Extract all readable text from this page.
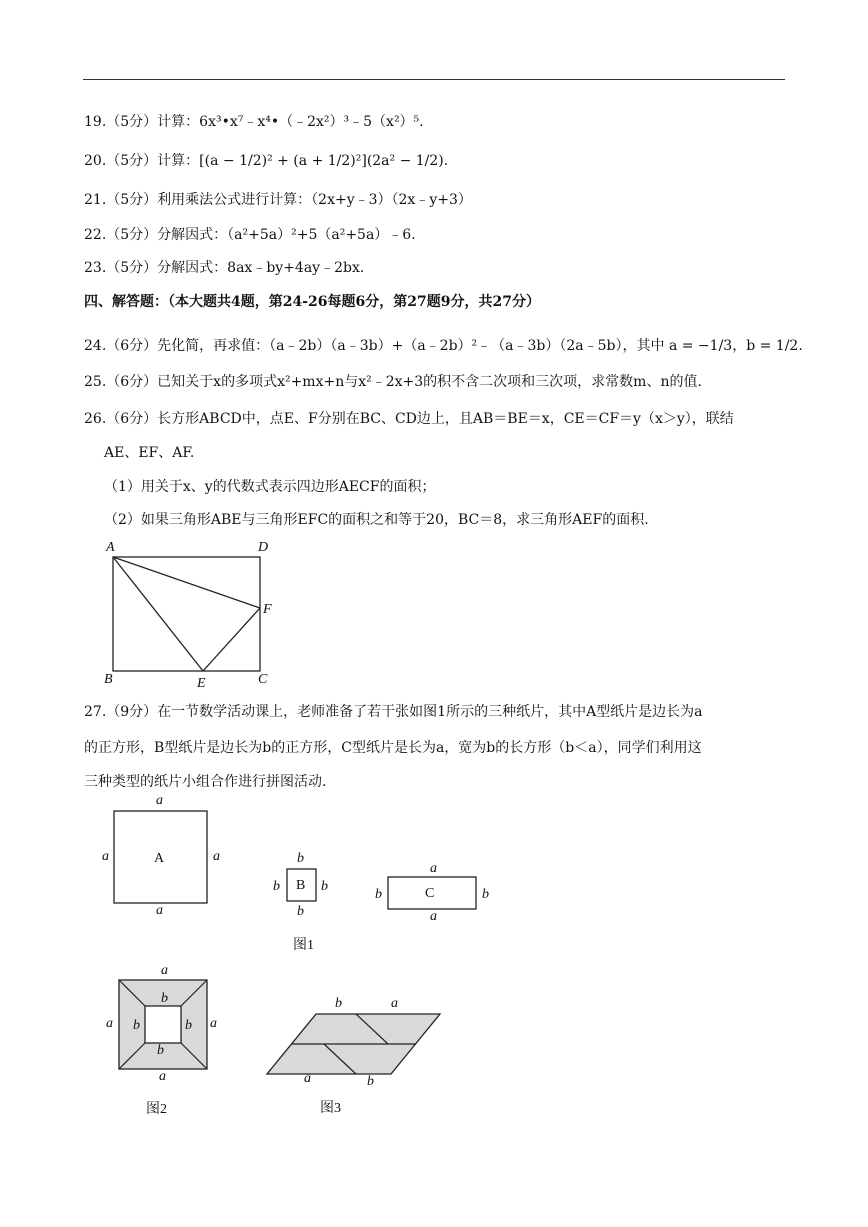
19.（5分）计算：6x³•x⁷﹣x⁴•（﹣2x²）³﹣5（x²）⁵.
20.（5分）计算：[(a − 1/2)² + (a + 1/2)²](2a² − 1/2).
21.（5分）利用乘法公式进行计算：（2x+y﹣3）（2x﹣y+3）
22.（5分）分解因式：（a²+5a）²+5（a²+5a）﹣6.
23.（5分）分解因式：8ax﹣by+4ay﹣2bx.
四、解答题：（本大题共4题，第24-26每题6分，第27题9分，共27分）
24.（6分）先化简，再求值：（a﹣2b）（a﹣3b）+（a﹣2b）²﹣（a﹣3b）（2a﹣5b），其中 a = −1/3，b = 1/2.
25.（6分）已知关于x的多项式x²+mx+n与x²﹣2x+3的积不含二次项和三次项，求常数m、n的值.
26.（6分）长方形ABCD中，点E、F分别在BC、CD边上，且AB＝BE＝x，CE＝CF＝y（x＞y），联结
AE、EF、AF.
（1）用关于x、y的代数式表示四边形AECF的面积；
（2）如果三角形ABE与三角形EFC的面积之和等于20，BC＝8，求三角形AEF的面积.
A	D
B	E	C
F
27.（9分）在一节数学活动课上，老师准备了若干张如图1所示的三种纸片，其中A型纸片是边长为a
的正方形，B型纸片是边长为b的正方形，C型纸片是长为a，宽为b的长方形（b＜a），同学们利用这
三种类型的纸片小组合作进行拼图活动.
a
a	a
a
A	b
b	b
b
B
a
b	b
a
C
图1
a
a	a
a
b
b	b
b
图2
b	a
a	b
图3
